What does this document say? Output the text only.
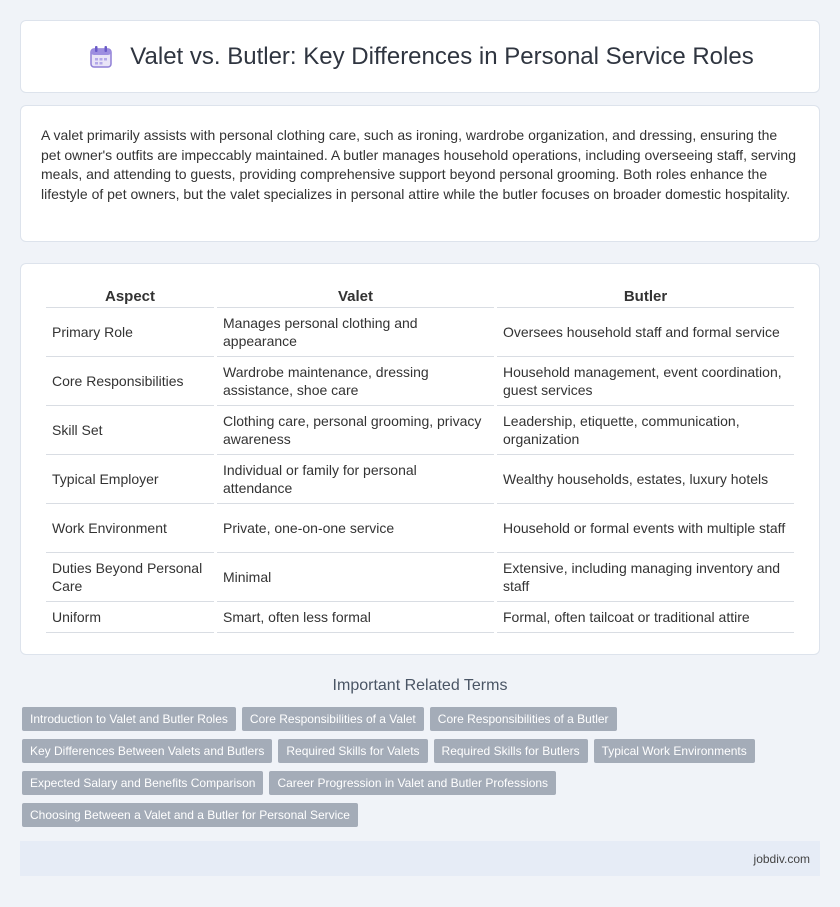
Valet vs. Butler: Key Differences in Personal Service Roles

A valet primarily assists with personal clothing care, such as ironing, wardrobe organization, and dressing, ensuring the pet owner's outfits are impeccably maintained. A butler manages household operations, including overseeing staff, serving meals, and attending to guests, providing comprehensive support beyond personal grooming. Both roles enhance the lifestyle of pet owners, but the valet specializes in personal attire while the butler focuses on broader domestic hospitality.

Aspect	Valet	Butler
Primary Role	Manages personal clothing and appearance	Oversees household staff and formal service
Core Responsibilities	Wardrobe maintenance, dressing assistance, shoe care	Household management, event coordination, guest services
Skill Set	Clothing care, personal grooming, privacy awareness	Leadership, etiquette, communication, organization
Typical Employer	Individual or family for personal attendance	Wealthy households, estates, luxury hotels
Work Environment	Private, one-on-one service	Household or formal events with multiple staff
Duties Beyond Personal Care	Minimal	Extensive, including managing inventory and staff
Uniform	Smart, often less formal	Formal, often tailcoat or traditional attire
Important Related Terms
Introduction to Valet and Butler Roles	Core Responsibilities of a Valet	Core Responsibilities of a Butler
Key Differences Between Valets and Butlers	Required Skills for Valets	Required Skills for Butlers	Typical Work Environments
Expected Salary and Benefits Comparison	Career Progression in Valet and Butler Professions
Choosing Between a Valet and a Butler for Personal Service
jobdiv.com
